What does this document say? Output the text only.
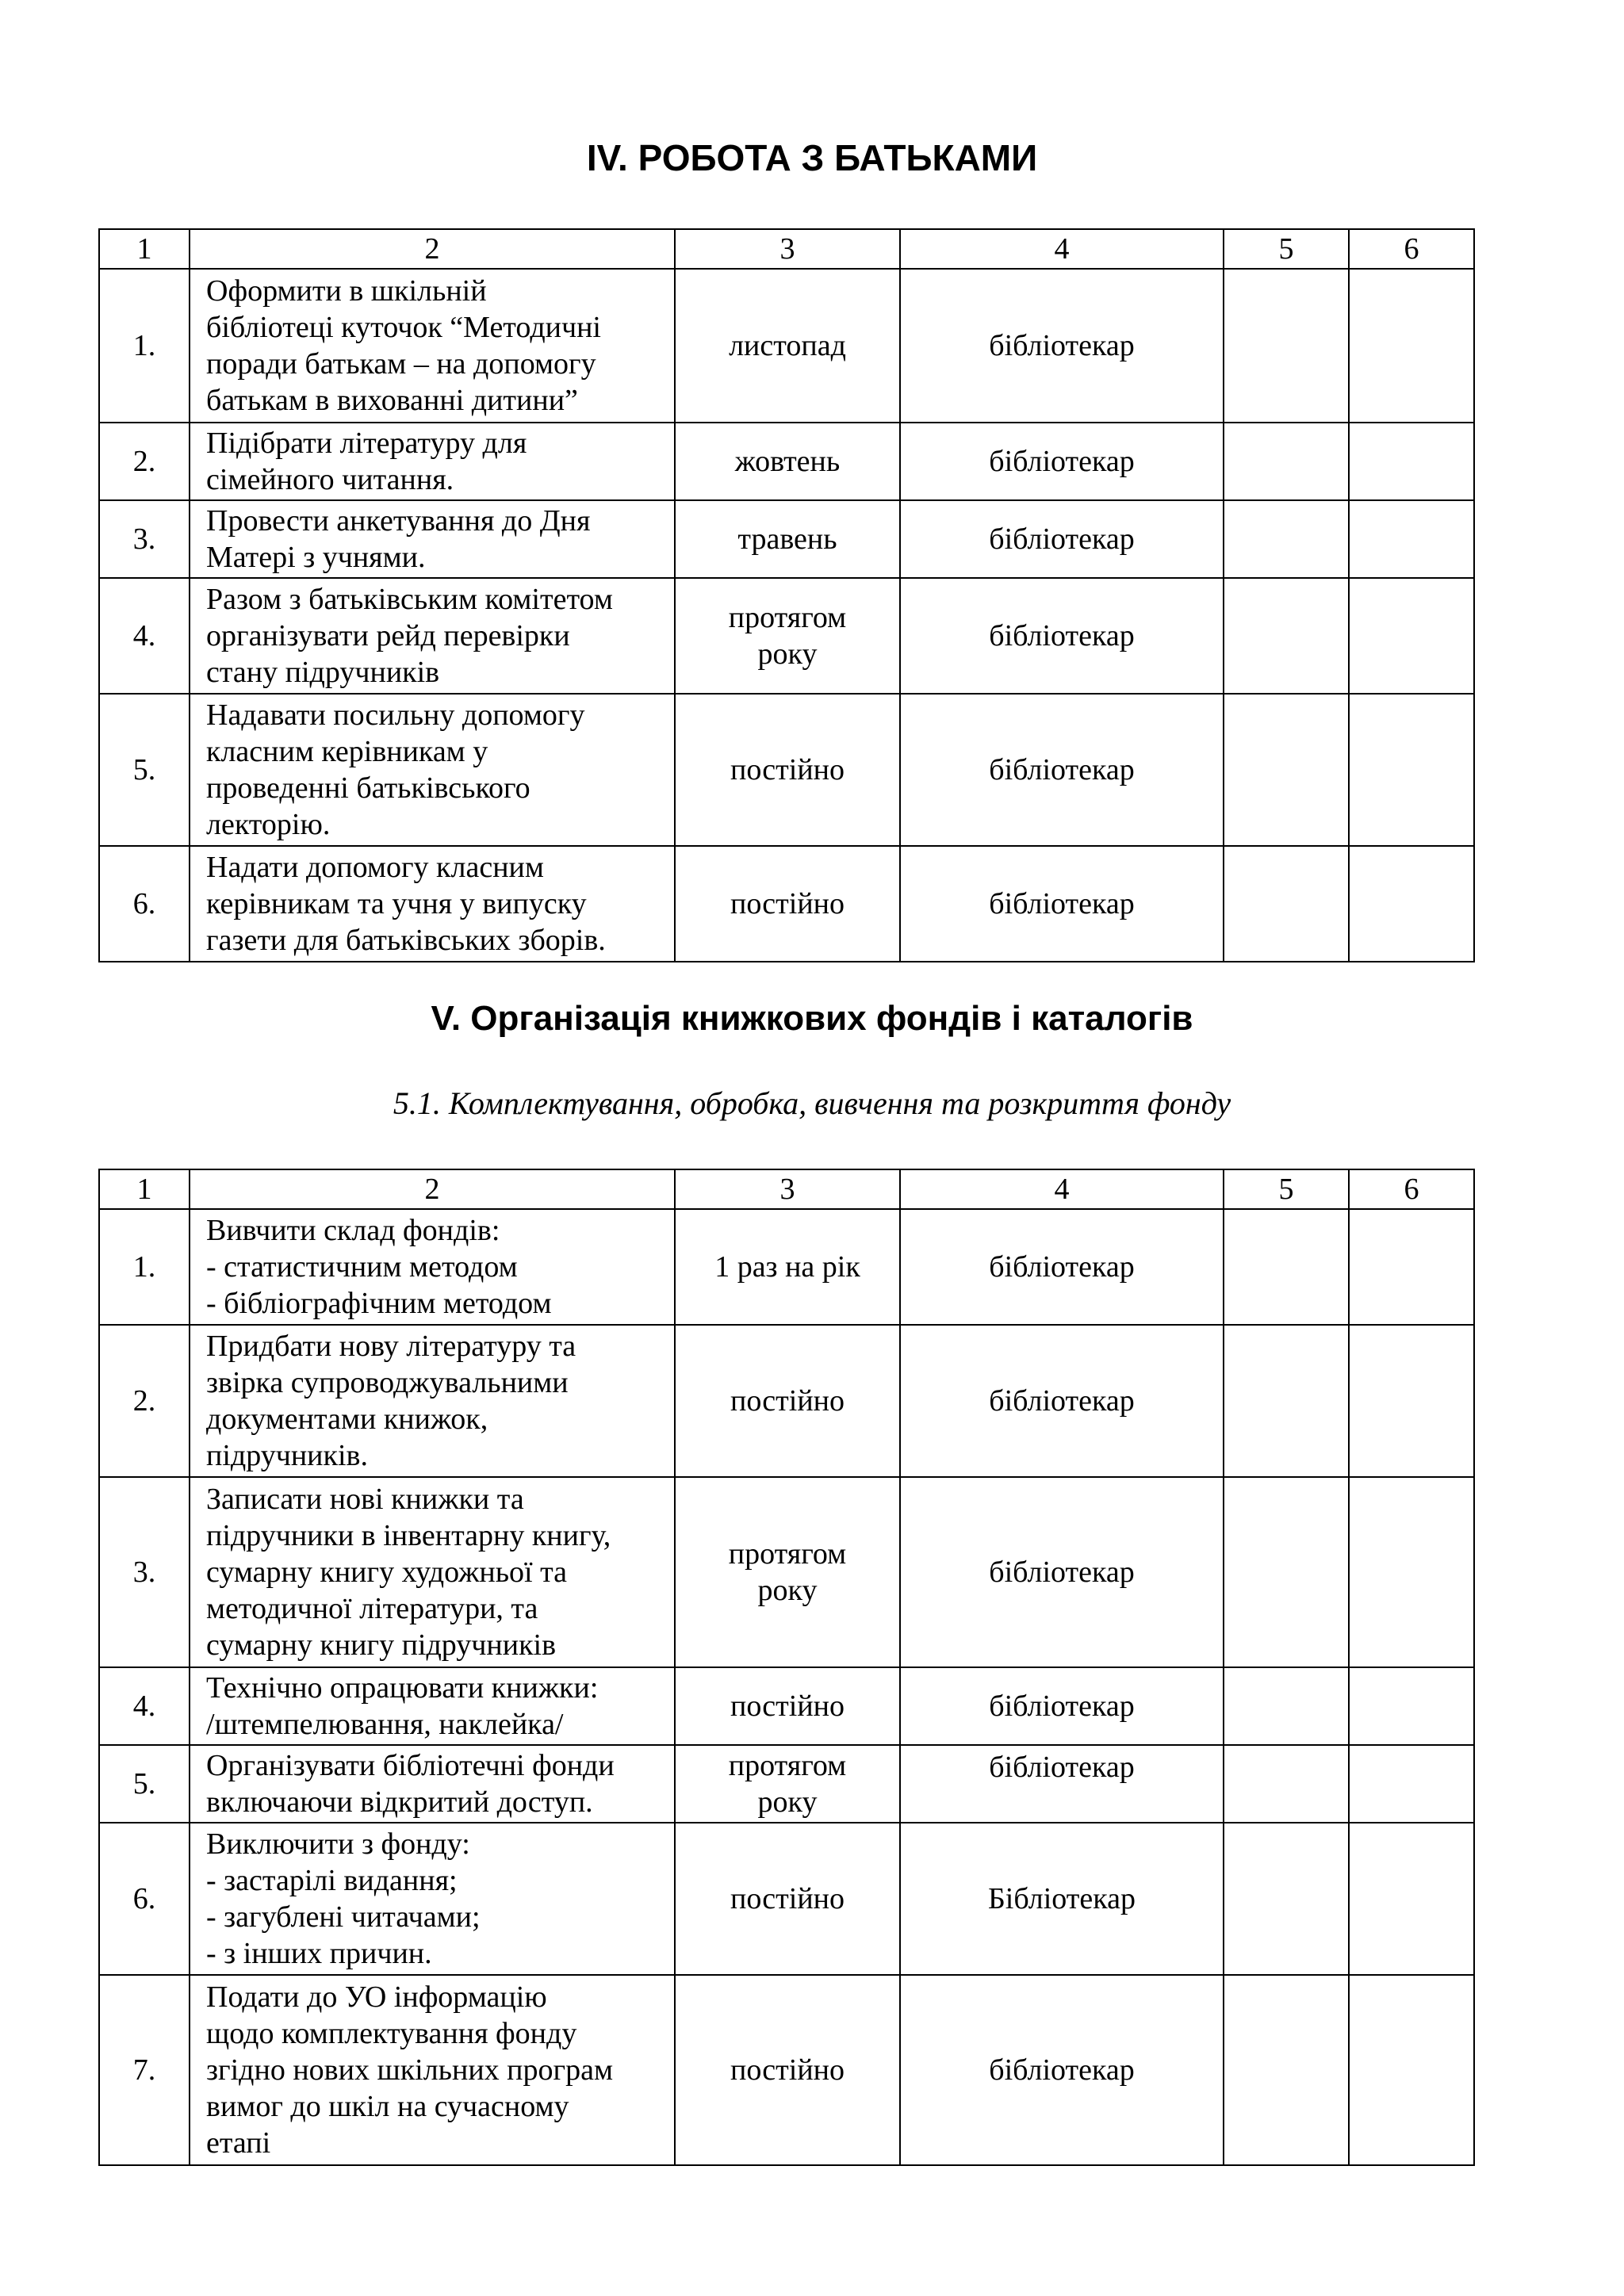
IV. РОБОТА З БАТЬКАМИ
1	2	3	4	5	6
1.	Оформити в шкільній
бібліотеці куточок “Методичні
поради батькам – на допомогу
батькам в вихованні дитини”	листопад	бібліотекар		
2.	Підібрати літературу для
сімейного читання.	жовтень	бібліотекар		
3.	Провести анкетування до Дня
Матері з учнями.	травень	бібліотекар		
4.	Разом з батьківським комітетом
організувати рейд перевірки
стану підручників	протягом
року	бібліотекар		
5.	Надавати посильну допомогу
класним керівникам у
проведенні батьківського
лекторію.	постійно	бібліотекар		
6.	Надати допомогу класним
керівникам та учня у випуску
газети для батьківських зборів.	постійно	бібліотекар		
V. Організація книжкових фондів і каталогів

5.1. Комплектування, обробка, вивчення та розкриття фонду

1	2	3	4	5	6
1.	Вивчити склад фондів:
- статистичним методом
- бібліографічним методом	1 раз на рік	бібліотекар		
2.	Придбати нову літературу та
звірка супроводжувальними
документами книжок,
підручників.	постійно	бібліотекар		
3.	Записати нові книжки та
підручники в інвентарну книгу,
сумарну книгу художньої та
методичної літератури, та
сумарну книгу підручників	протягом
року	бібліотекар		
4.	Технічно опрацювати книжки:
/штемпелювання, наклейка/	постійно	бібліотекар		
5.	Організувати бібліотечні фонди
включаючи відкритий доступ.	протягом
року	бібліотекар		
6.	Виключити з фонду:
- застарілі видання;
- загублені читачами;
- з інших причин.	постійно	Бібліотекар		
7.	Подати до УО інформацію
щодо комплектування фонду
згідно нових шкільних програм
вимог до шкіл на сучасному
етапі	постійно	бібліотекар		
